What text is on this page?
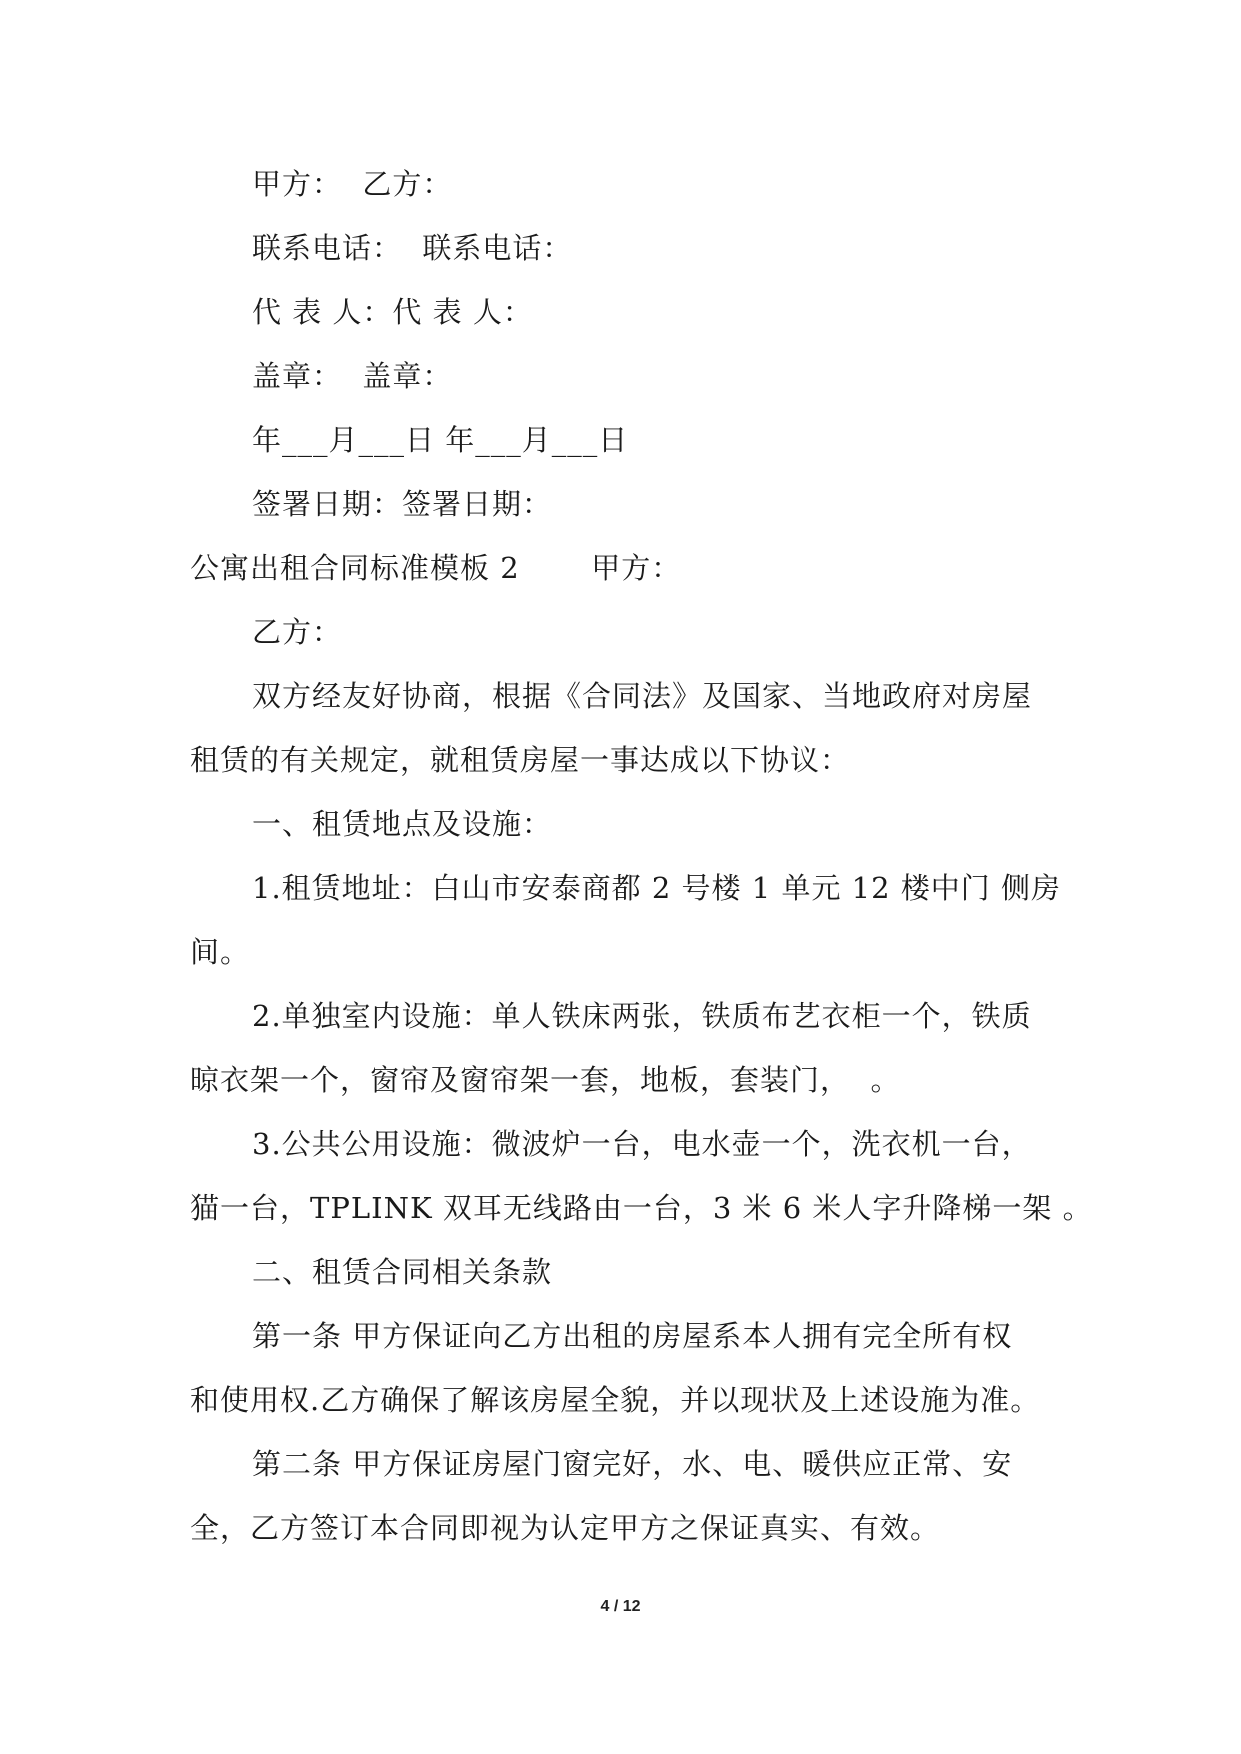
甲方：  乙方：
联系电话：  联系电话：
代 表 人：代 表 人：
盖章：  盖章：
年___月___日 年___月___日
签署日期：签署日期：
公寓出租合同标准模板 2       甲方：
乙方：
双方经友好协商，根据《合同法》及国家、当地政府对房屋
租赁的有关规定，就租赁房屋一事达成以下协议：
一、租赁地点及设施：
1.租赁地址：白山市安泰商都 2 号楼 1 单元 12 楼中门 侧房
间。
2.单独室内设施：单人铁床两张，铁质布艺衣柜一个，铁质
晾衣架一个，窗帘及窗帘架一套，地板，套装门，  。
3.公共公用设施：微波炉一台，电水壶一个，洗衣机一台，
猫一台，TPLINK 双耳无线路由一台，3 米 6 米人字升降梯一架 。
二、租赁合同相关条款
第一条 甲方保证向乙方出租的房屋系本人拥有完全所有权
和使用权.乙方确保了解该房屋全貌，并以现状及上述设施为准。
第二条 甲方保证房屋门窗完好，水、电、暖供应正常、安
全，乙方签订本合同即视为认定甲方之保证真实、有效。
4 / 12
